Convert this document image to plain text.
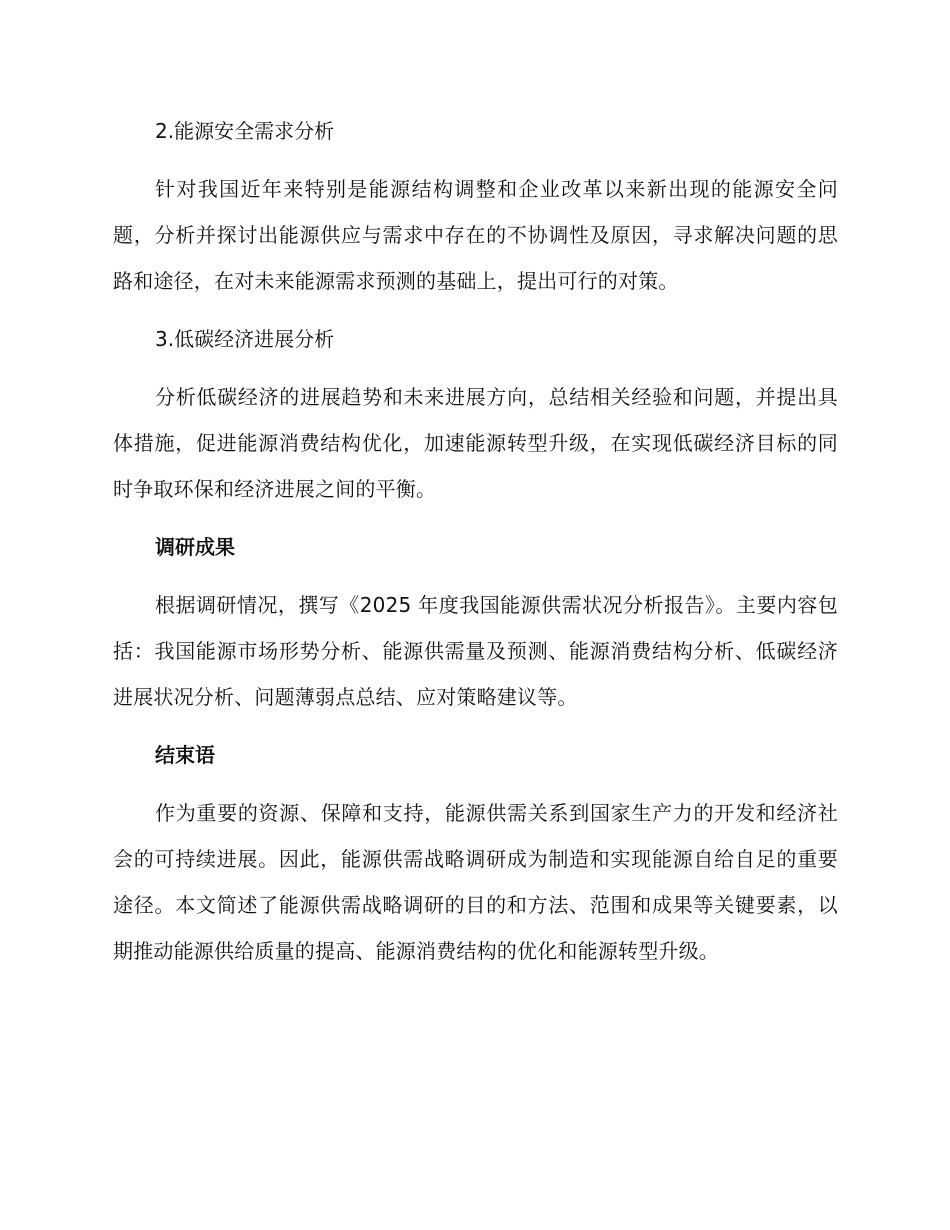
2.能源安全需求分析

针对我国近年来特别是能源结构调整和企业改革以来新出现的能源安全问题，分析并探讨出能源供应与需求中存在的不协调性及原因，寻求解决问题的思路和途径，在对未来能源需求预测的基础上，提出可行的对策。

3.低碳经济进展分析

分析低碳经济的进展趋势和未来进展方向，总结相关经验和问题，并提出具体措施，促进能源消费结构优化，加速能源转型升级，在实现低碳经济目标的同时争取环保和经济进展之间的平衡。

调研成果

根据调研情况，撰写《2025 年度我国能源供需状况分析报告》。主要内容包括：我国能源市场形势分析、能源供需量及预测、能源消费结构分析、低碳经济进展状况分析、问题薄弱点总结、应对策略建议等。

结束语

作为重要的资源、保障和支持，能源供需关系到国家生产力的开发和经济社会的可持续进展。因此，能源供需战略调研成为制造和实现能源自给自足的重要途径。本文简述了能源供需战略调研的目的和方法、范围和成果等关键要素，以期推动能源供给质量的提高、能源消费结构的优化和能源转型升级。
